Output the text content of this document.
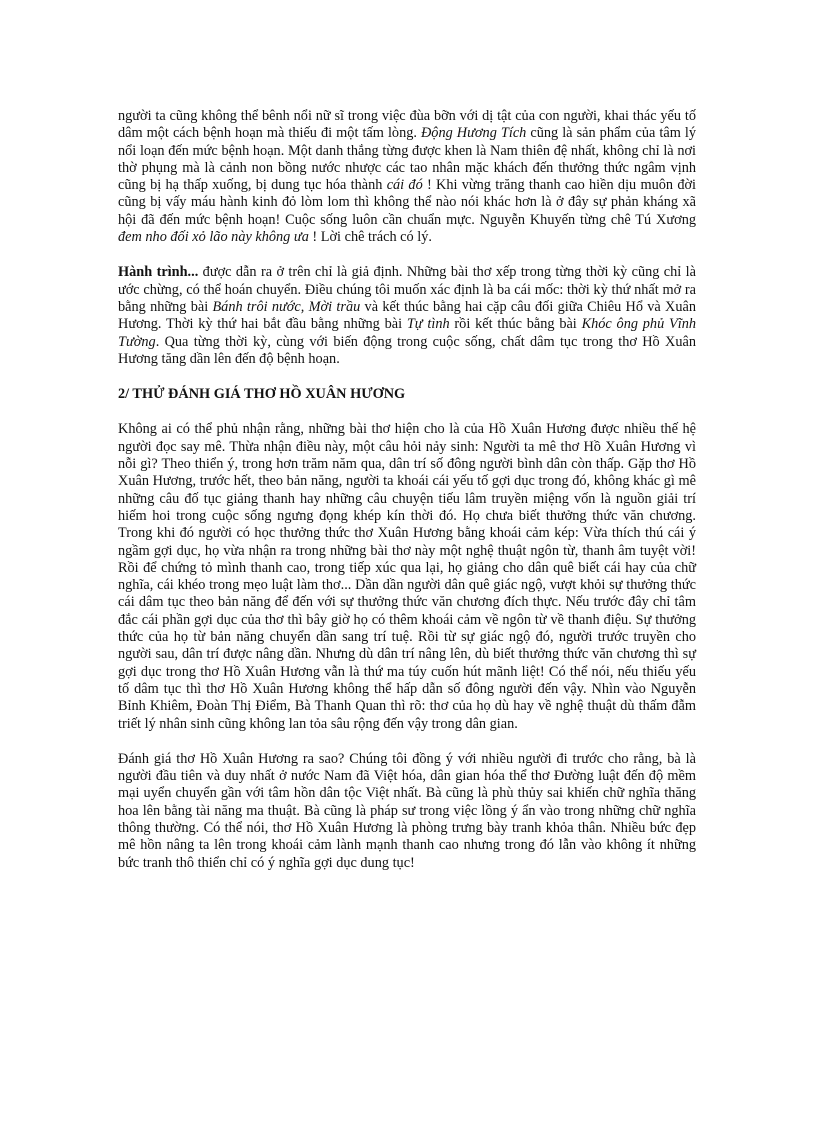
người ta cũng không thể bênh nổi nữ sĩ trong việc đùa bỡn với dị tật của con người, khai thác yếu tố dâm một cách bệnh hoạn mà thiếu đi một tấm lòng. Động Hương Tích cũng là sản phẩm của tâm lý nổi loạn đến mức bệnh hoạn. Một danh thắng từng được khen là Nam thiên đệ nhất, không chỉ là nơi thờ phụng mà là cảnh non bồng nước nhược các tao nhân mặc khách đến thưởng thức ngâm vịnh cũng bị hạ thấp xuống, bị dung tục hóa thành cái đó ! Khi vừng trăng thanh cao hiền dịu muôn đời cũng bị vấy máu hành kinh đỏ lòm lom thì không thể nào nói khác hơn là ở đây sự phản kháng xã hội đã đến mức bệnh hoạn! Cuộc sống luôn cần chuẩn mực. Nguyễn Khuyến từng chê Tú Xương đem nho đối xỏ lão này không ưa ! Lời chê trách có lý.

Hành trình... được dẫn ra ở trên chỉ là giả định. Những bài thơ xếp trong từng thời kỳ cũng chỉ là ước chừng, có thể hoán chuyển. Điều chúng tôi muốn xác định là ba cái mốc: thời kỳ thứ nhất mở ra bằng những bài Bánh trôi nước, Mời trầu và kết thúc bằng hai cặp câu đối giữa Chiêu Hổ và Xuân Hương. Thời kỳ thứ hai bắt đầu bằng những bài Tự tình rồi kết thúc bằng bài Khóc ông phủ Vĩnh Tường. Qua từng thời kỳ, cùng với biến động trong cuộc sống, chất dâm tục trong thơ Hồ Xuân Hương tăng dần lên đến độ bệnh hoạn.

2/ THỬ ĐÁNH GIÁ THƠ HỒ XUÂN HƯƠNG

Không ai có thể phủ nhận rằng, những bài thơ hiện cho là của Hồ Xuân Hương được nhiều thế hệ người đọc say mê. Thừa nhận điều này, một câu hỏi nảy sinh: Người ta mê thơ Hồ Xuân Hương vì nỗi gì? Theo thiển ý, trong hơn trăm năm qua, dân trí số đông người bình dân còn thấp. Gặp thơ Hồ Xuân Hương, trước hết, theo bản năng, người ta khoái cái yếu tố gợi dục trong đó, không khác gì mê những câu đố tục giảng thanh hay những câu chuyện tiếu lâm truyền miệng vốn là nguồn giải trí hiếm hoi trong cuộc sống ngưng đọng khép kín thời đó. Họ chưa biết thưởng thức văn chương. Trong khi đó người có học thưởng thức thơ Xuân Hương bằng khoái cảm kép: Vừa thích thú cái ý ngầm gợi dục, họ vừa nhận ra trong những bài thơ này một nghệ thuật ngôn từ, thanh âm tuyệt vời! Rồi để chứng tỏ mình thanh cao, trong tiếp xúc qua lại, họ giảng cho dân quê biết cái hay của chữ nghĩa, cái khéo trong mẹo luật làm thơ... Dần dần người dân quê giác ngộ, vượt khỏi sự thưởng thức cái dâm tục theo bản năng để đến với sự thưởng thức văn chương đích thực. Nếu trước đây chỉ tâm đắc cái phần gợi dục của thơ thì bây giờ họ có thêm khoái cảm về ngôn từ về thanh điệu. Sự thưởng thức của họ từ bản năng chuyển dần sang trí tuệ. Rồi từ sự giác ngộ đó, người trước truyền cho người sau, dân trí được nâng dần. Nhưng dù dân trí nâng lên, dù biết thưởng thức văn chương thì sự gợi dục trong thơ Hồ Xuân Hương vẫn là thứ ma túy cuốn hút mãnh liệt! Có thể nói, nếu thiếu yếu tố dâm tục thì thơ Hồ Xuân Hương không thể hấp dẫn số đông người đến vậy. Nhìn vào Nguyễn Bỉnh Khiêm, Đoàn Thị Điểm, Bà Thanh Quan thì rõ: thơ của họ dù hay về nghệ thuật dù thấm đẫm triết lý nhân sinh cũng không lan tỏa sâu rộng đến vậy trong dân gian.

Đánh giá thơ Hồ Xuân Hương ra sao? Chúng tôi đồng ý với nhiều người đi trước cho rằng, bà là người đầu tiên và duy nhất ở nước Nam đã Việt hóa, dân gian hóa thể thơ Đường luật đến độ mềm mại uyển chuyển gần với tâm hồn dân tộc Việt nhất. Bà cũng là phù thủy sai khiến chữ nghĩa thăng hoa lên bằng tài năng ma thuật. Bà cũng là pháp sư trong việc lồng ý ẩn vào trong những chữ nghĩa thông thường. Có thể nói, thơ Hồ Xuân Hương là phòng trưng bày tranh khỏa thân. Nhiều bức đẹp mê hồn nâng ta lên trong khoái cảm lành mạnh thanh cao nhưng trong đó lẫn vào không ít những bức tranh thô thiển chỉ có ý nghĩa gợi dục dung tục!
